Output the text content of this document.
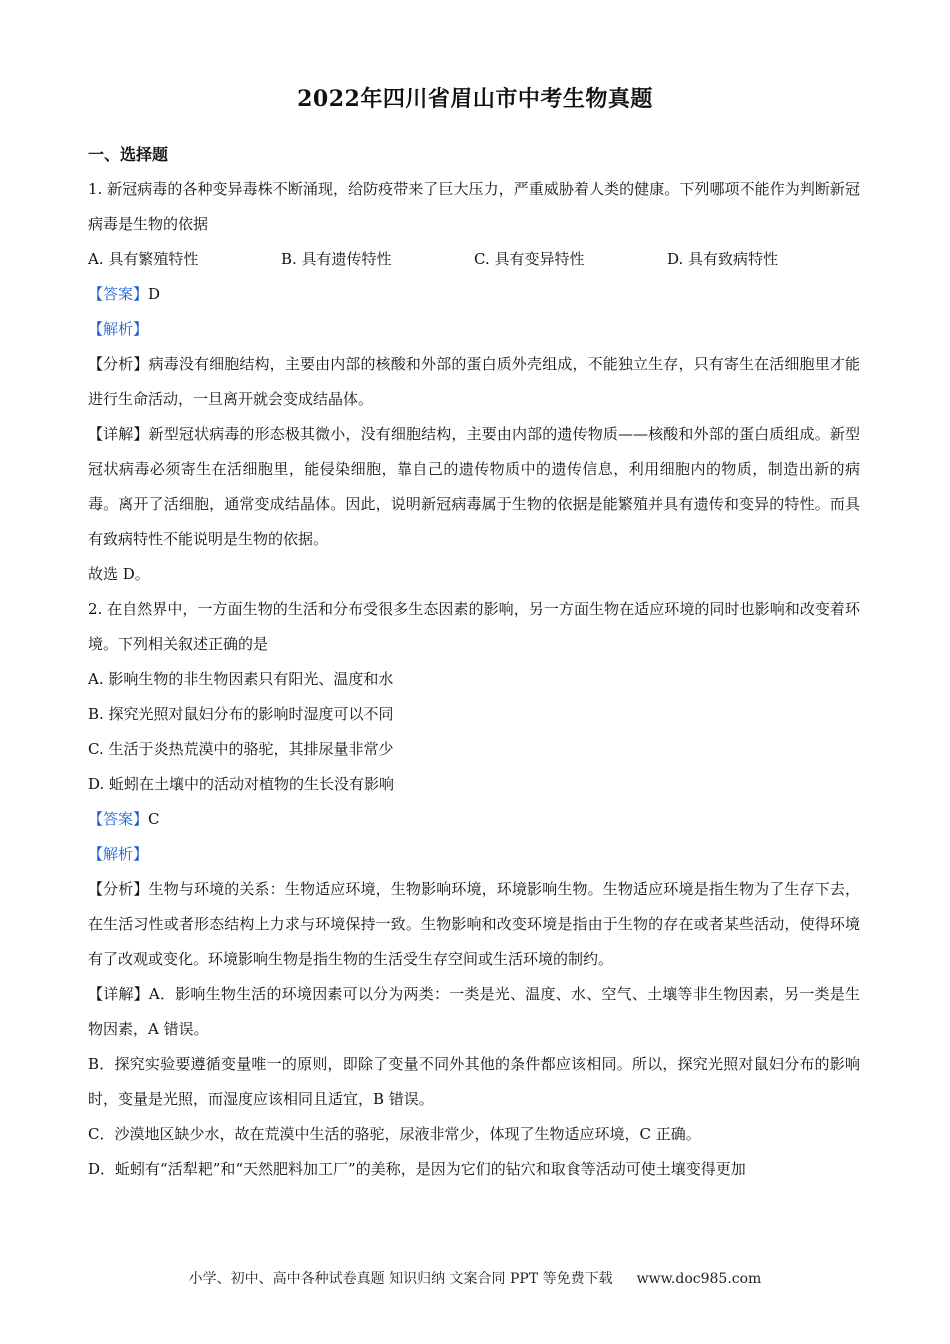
2022年四川省眉山市中考生物真题
一、选择题

1. 新冠病毒的各种变异毒株不断涌现，给防疫带来了巨大压力，严重威胁着人类的健康。下列哪项不能作为判断新冠病毒是生物的依据

A. 具有繁殖特性	B. 具有遗传特性	C. 具有变异特性	D. 具有致病特性

【答案】D

【解析】

【分析】病毒没有细胞结构，主要由内部的核酸和外部的蛋白质外壳组成，不能独立生存，只有寄生在活细胞里才能进行生命活动，一旦离开就会变成结晶体。

【详解】新型冠状病毒的形态极其微小，没有细胞结构，主要由内部的遗传物质——核酸和外部的蛋白质组成。新型冠状病毒必须寄生在活细胞里，能侵染细胞，靠自己的遗传物质中的遗传信息，利用细胞内的物质，制造出新的病毒。离开了活细胞，通常变成结晶体。因此，说明新冠病毒属于生物的依据是能繁殖并具有遗传和变异的特性。而具有致病特性不能说明是生物的依据。

故选 D。

2. 在自然界中，一方面生物的生活和分布受很多生态因素的影响，另一方面生物在适应环境的同时也影响和改变着环境。下列相关叙述正确的是

A. 影响生物的非生物因素只有阳光、温度和水

B. 探究光照对鼠妇分布的影响时湿度可以不同

C. 生活于炎热荒漠中的骆驼，其排尿量非常少

D. 蚯蚓在土壤中的活动对植物的生长没有影响

【答案】C

【解析】

【分析】生物与环境的关系：生物适应环境，生物影响环境，环境影响生物。生物适应环境是指生物为了生存下去，在生活习性或者形态结构上力求与环境保持一致。生物影响和改变环境是指由于生物的存在或者某些活动，使得环境有了改观或变化。环境影响生物是指生物的生活受生存空间或生活环境的制约。

【详解】A．影响生物生活的环境因素可以分为两类：一类是光、温度、水、空气、土壤等非生物因素，另一类是生物因素，A 错误。

B．探究实验要遵循变量唯一的原则，即除了变量不同外其他的条件都应该相同。所以，探究光照对鼠妇分布的影响时，变量是光照，而湿度应该相同且适宜，B 错误。

C．沙漠地区缺少水，故在荒漠中生活的骆驼，尿液非常少，体现了生物适应环境，C 正确。

D．蚯蚓有“活犁耙”和“天然肥料加工厂”的美称，是因为它们的钻穴和取食等活动可使土壤变得更加

小学、初中、高中各种试卷真题 知识归纳 文案合同 PPT 等免费下载 www.doc985.com
